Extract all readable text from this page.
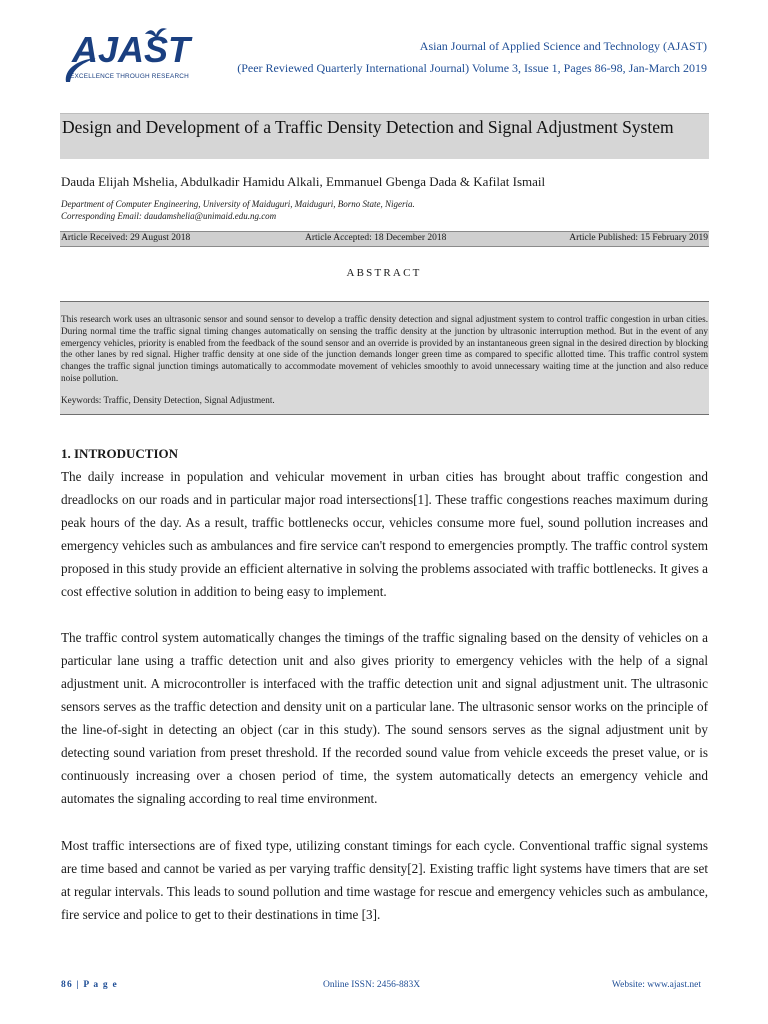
AJAST
EXCELLENCE THROUGH RESEARCH
Asian Journal of Applied Science and Technology (AJAST)
(Peer Reviewed Quarterly International Journal) Volume 3, Issue 1, Pages 86-98, Jan-March 2019
Design and Development of a Traffic Density Detection and Signal Adjustment System
Dauda Elijah Mshelia, Abdulkadir Hamidu Alkali, Emmanuel Gbenga Dada & Kafilat Ismail
Department of Computer Engineering, University of Maiduguri, Maiduguri, Borno State, Nigeria.
Corresponding Email: daudamshelia@unimaid.edu.ng.com
Article Received: 29 August 2018	Article Accepted: 18 December 2018	Article Published: 15 February 2019
ABSTRACT
This research work uses an ultrasonic sensor and sound sensor to develop a traffic density detection and signal adjustment system to control traffic congestion in urban cities. During normal time the traffic signal timing changes automatically on sensing the traffic density at the junction by ultrasonic interruption method. But in the event of any emergency vehicles, priority is enabled from the feedback of the sound sensor and an override is provided by an instantaneous green signal in the desired direction by blocking the other lanes by red signal. Higher traffic density at one side of the junction demands longer green time as compared to specific allotted time. This traffic control system changes the traffic signal junction timings automatically to accommodate movement of vehicles smoothly to avoid unnecessary waiting time at the junction and also reduce noise pollution.
Keywords: Traffic, Density Detection, Signal Adjustment.
1. INTRODUCTION
The daily increase in population and vehicular movement in urban cities has brought about traffic congestion and dreadlocks on our roads and in particular major road intersections[1]. These traffic congestions reaches maximum during peak hours of the day. As a result, traffic bottlenecks occur, vehicles consume more fuel, sound pollution increases and emergency vehicles such as ambulances and fire service can't respond to emergencies promptly. The traffic control system proposed in this study provide an efficient alternative in solving the problems associated with traffic bottlenecks. It gives a cost effective solution in addition to being easy to implement.
The traffic control system automatically changes the timings of the traffic signaling based on the density of vehicles on a particular lane using a traffic detection unit and also gives priority to emergency vehicles with the help of a signal adjustment unit. A microcontroller is interfaced with the traffic detection unit and signal adjustment unit. The ultrasonic sensors serves as the traffic detection and density unit on a particular lane. The ultrasonic sensor works on the principle of the line-of-sight in detecting an object (car in this study). The sound sensors serves as the signal adjustment unit by detecting sound variation from preset threshold. If the recorded sound value from vehicle exceeds the preset value, or is continuously increasing over a chosen period of time, the system automatically detects an emergency vehicle and automates the signaling according to real time environment.
Most traffic intersections are of fixed type, utilizing constant timings for each cycle. Conventional traffic signal systems are time based and cannot be varied as per varying traffic density[2]. Existing traffic light systems have timers that are set at regular intervals. This leads to sound pollution and time wastage for rescue and emergency vehicles such as ambulance, fire service and police to get to their destinations in time [3].
86 | P a g e	Online ISSN: 2456-883X	Website: www.ajast.net
